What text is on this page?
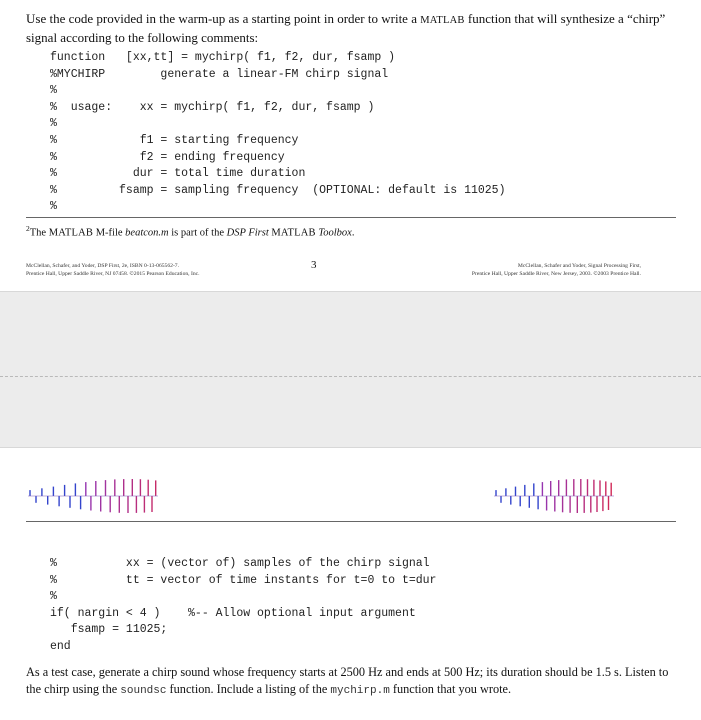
Use the code provided in the warm-up as a starting point in order to write a MATLAB function that will synthesize a “chirp” signal according to the following comments:

function   [xx,tt] = mychirp( f1, f2, dur, fsamp )
%MYCHIRP        generate a linear-FM chirp signal
%
%  usage:    xx = mychirp( f1, f2, dur, fsamp )
%
%            f1 = starting frequency
%            f2 = ending frequency
%           dur = total time duration
%         fsamp = sampling frequency  (OPTIONAL: default is 11025)
%
$^2$The MATLAB M-file beatcon.m is part of the DSP First MATLAB Toolbox.
McClellan, Schafer, and Yoder, DSP First, 2e, ISBN 0-13-065562-7.
Prentice Hall, Upper Saddle River, NJ 07458. ©2015 Pearson Education, Inc.
3	McClellan, Schafer and Yoder, Signal Processing First,
Prentice Hall, Upper Saddle River, New Jersey, 2003. ©2003 Prentice Hall.
%          xx = (vector of) samples of the chirp signal
%          tt = vector of time instants for t=0 to t=dur
%
if( nargin < 4 )    %-- Allow optional input argument
fsamp = 11025;
end

As a test case, generate a chirp sound whose frequency starts at 2500 Hz and ends at 500 Hz; its duration should be 1.5 s. Listen to the chirp using the soundsc function. Include a listing of the mychirp.m function that you wrote.
